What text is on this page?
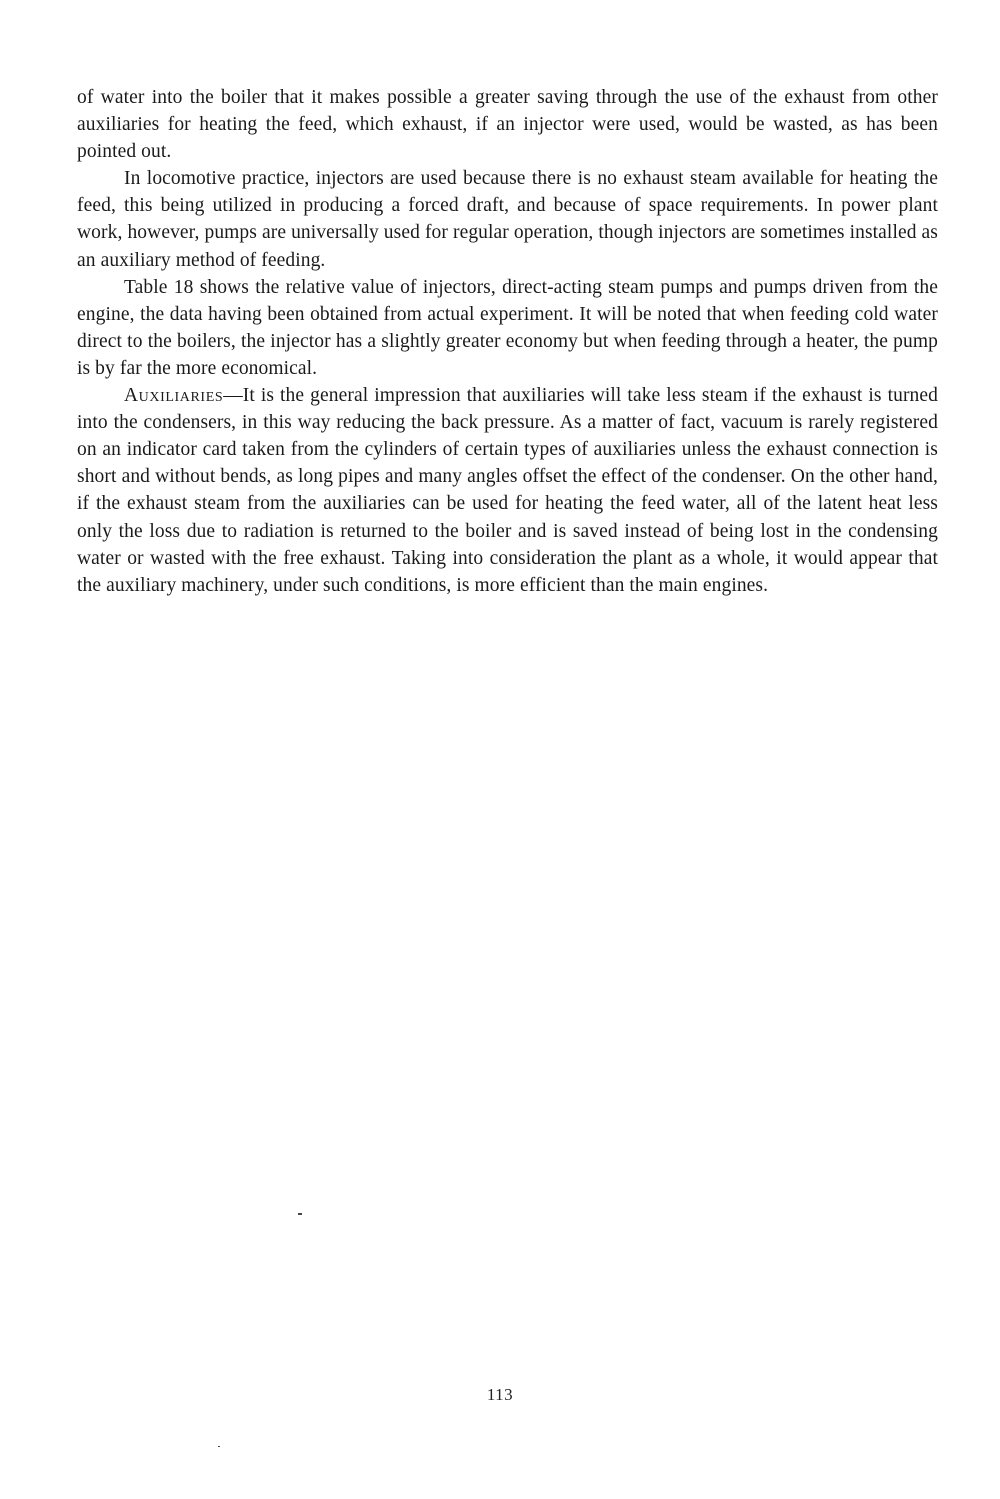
of water into the boiler that it makes possible a greater saving through the use of the exhaust from other auxiliaries for heating the feed, which exhaust, if an injector were used, would be wasted, as has been pointed out.

In locomotive practice, injectors are used because there is no exhaust steam available for heating the feed, this being utilized in producing a forced draft, and because of space requirements. In power plant work, however, pumps are universally used for regular operation, though injectors are sometimes installed as an auxiliary method of feeding.

Table 18 shows the relative value of injectors, direct-acting steam pumps and pumps driven from the engine, the data having been obtained from actual experiment. It will be noted that when feeding cold water direct to the boilers, the injector has a slightly greater economy but when feeding through a heater, the pump is by far the more economical.

Auxiliaries—It is the general impression that auxiliaries will take less steam if the exhaust is turned into the condensers, in this way reducing the back pressure. As a matter of fact, vacuum is rarely registered on an indicator card taken from the cylinders of certain types of auxiliaries unless the exhaust connection is short and without bends, as long pipes and many angles offset the effect of the condenser. On the other hand, if the exhaust steam from the auxiliaries can be used for heating the feed water, all of the latent heat less only the loss due to radiation is returned to the boiler and is saved instead of being lost in the condensing water or wasted with the free exhaust. Taking into consideration the plant as a whole, it would appear that the auxiliary machinery, under such conditions, is more efficient than the main engines.

113
